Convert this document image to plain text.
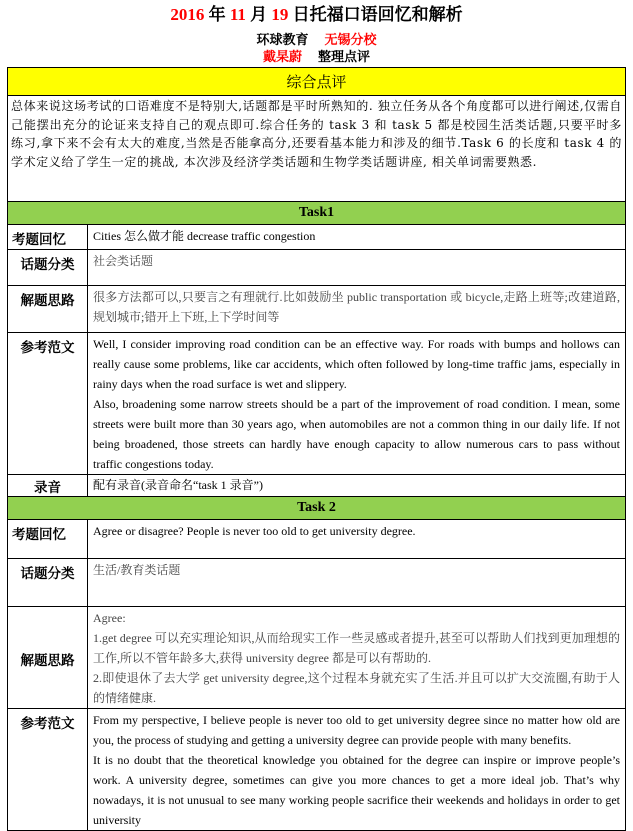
2016 年 11 月 19 日托福口语回忆和解析
环球教育 无锡分校
戴杲蔚 整理点评
综合点评	
总体来说这场考试的口语难度不是特别大,话题都是平时所熟知的. 独立任务从各个角度都可以进行阐述,仅需自己能摆出充分的论证来支持自己的观点即可.综合任务的 task 3 和 task 5 都是校园生活类话题,只要平时多练习,拿下来不会有太大的难度,当然是否能拿高分,还要看基本能力和涉及的细节.Task 6 的长度和 task 4 的学术定义给了学生一定的挑战, 本次涉及经济学类话题和生物学类话题讲座, 相关单词需要熟悉.	
Task1	
考题回忆	Cities 怎么做才能 decrease traffic congestion
话题分类	社会类话题
解题思路	很多方法都可以,只要言之有理就行.比如鼓励坐 public transportation 或 bicycle,走路上班等;改建道路,规划城市;错开上下班,上下学时间等
参考范文	Well, I consider improving road condition can be an effective way. For roads with bumps and hollows can really cause some problems, like car accidents, which often followed by long-time traffic jams, especially in rainy days when the road surface is wet and slippery.

Also, broadening some narrow streets should be a part of the improvement of road condition. I mean, some streets were built more than 30 years ago, when automobiles are not a common thing in our daily life. If not being broadened, those streets can hardly have enough capacity to allow numerous cars to pass without traffic congestions today.

录音	配有录音(录音命名“task 1 录音”)
Task 2	
考题回忆	Agree or disagree? People is never too old to get university degree.
话题分类	生活/教育类话题
解题思路	Agree:

1.get degree 可以充实理论知识,从而给现实工作一些灵感或者提升,甚至可以帮助人们找到更加理想的工作,所以不管年龄多大,获得 university degree 都是可以有帮助的.

2.即使退休了去大学 get university degree,这个过程本身就充实了生活.并且可以扩大交流圈,有助于人的情绪健康.

参考范文	From my perspective, I believe people is never too old to get university degree since no matter how old are you, the process of studying and getting a university degree can provide people with many benefits.

It is no doubt that the theoretical knowledge you obtained for the degree can inspire or improve people’s work. A university degree, sometimes can give you more chances to get a more ideal job. That’s why nowadays, it is not unusual to see many working people sacrifice their weekends and holidays in order to get university
